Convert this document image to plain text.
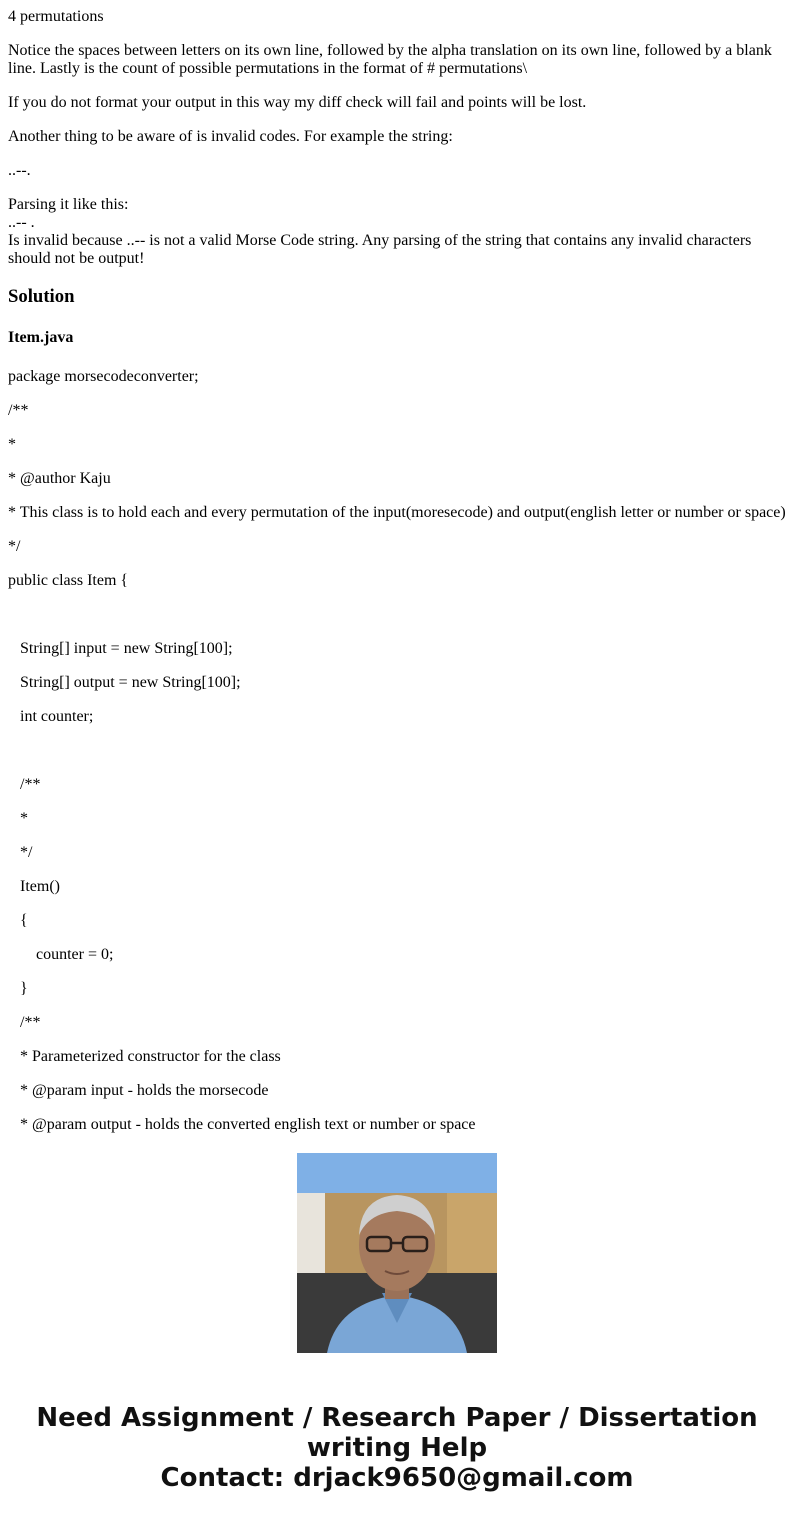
4 permutations

Notice the spaces between letters on its own line, followed by the alpha translation on its own line, followed by a blank line. Lastly is the count of possible permutations in the format of # permutations\

If you do not format your output in this way my diff check will fail and points will be lost.

Another thing to be aware of is invalid codes. For example the string:

..--.

Parsing it like this:

..-- .

Is invalid because ..-- is not a valid Morse Code string. Any parsing of the string that contains any invalid characters should not be output!

Solution
Item.java

package morsecodeconverter;

/**

*

* @author Kaju

* This class is to hold each and every permutation of the input(moresecode) and output(english letter or number or space)

*/

public class Item {

String[] input = new String[100];

String[] output = new String[100];

int counter;

/**

*

*/

Item()

{

counter = 0;

}

/**

* Parameterized constructor for the class

* @param input - holds the morsecode

* @param output - holds the converted english text or number or space

Need Assignment / Research Paper / Dissertation
writing Help
Contact: drjack9650@gmail.com
